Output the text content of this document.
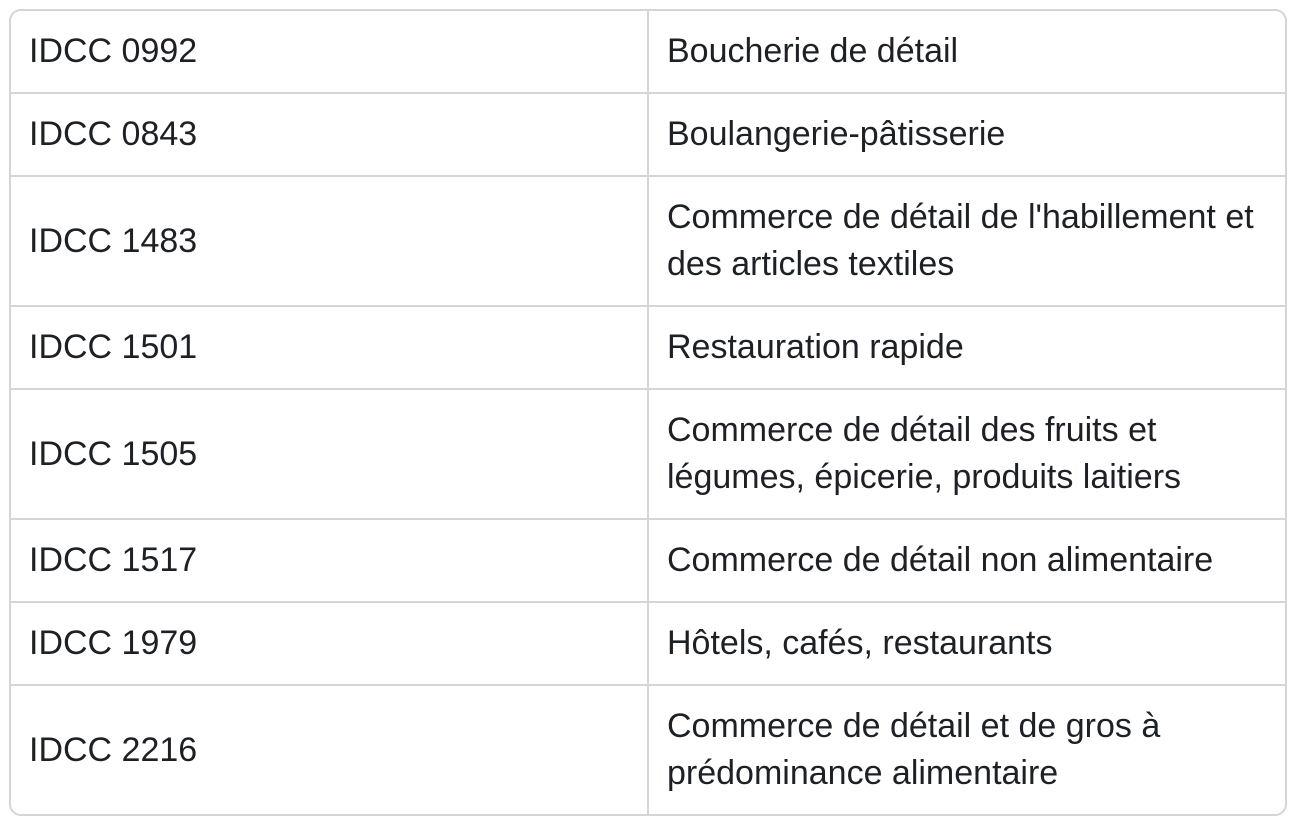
IDCC 0992	Boucherie de détail
IDCC 0843	Boulangerie-pâtisserie
IDCC 1483	Commerce de détail de l'habillement et des articles textiles
IDCC 1501	Restauration rapide
IDCC 1505	Commerce de détail des fruits et légumes, épicerie, produits laitiers
IDCC 1517	Commerce de détail non alimentaire
IDCC 1979	Hôtels, cafés, restaurants
IDCC 2216	Commerce de détail et de gros à prédominance alimentaire
